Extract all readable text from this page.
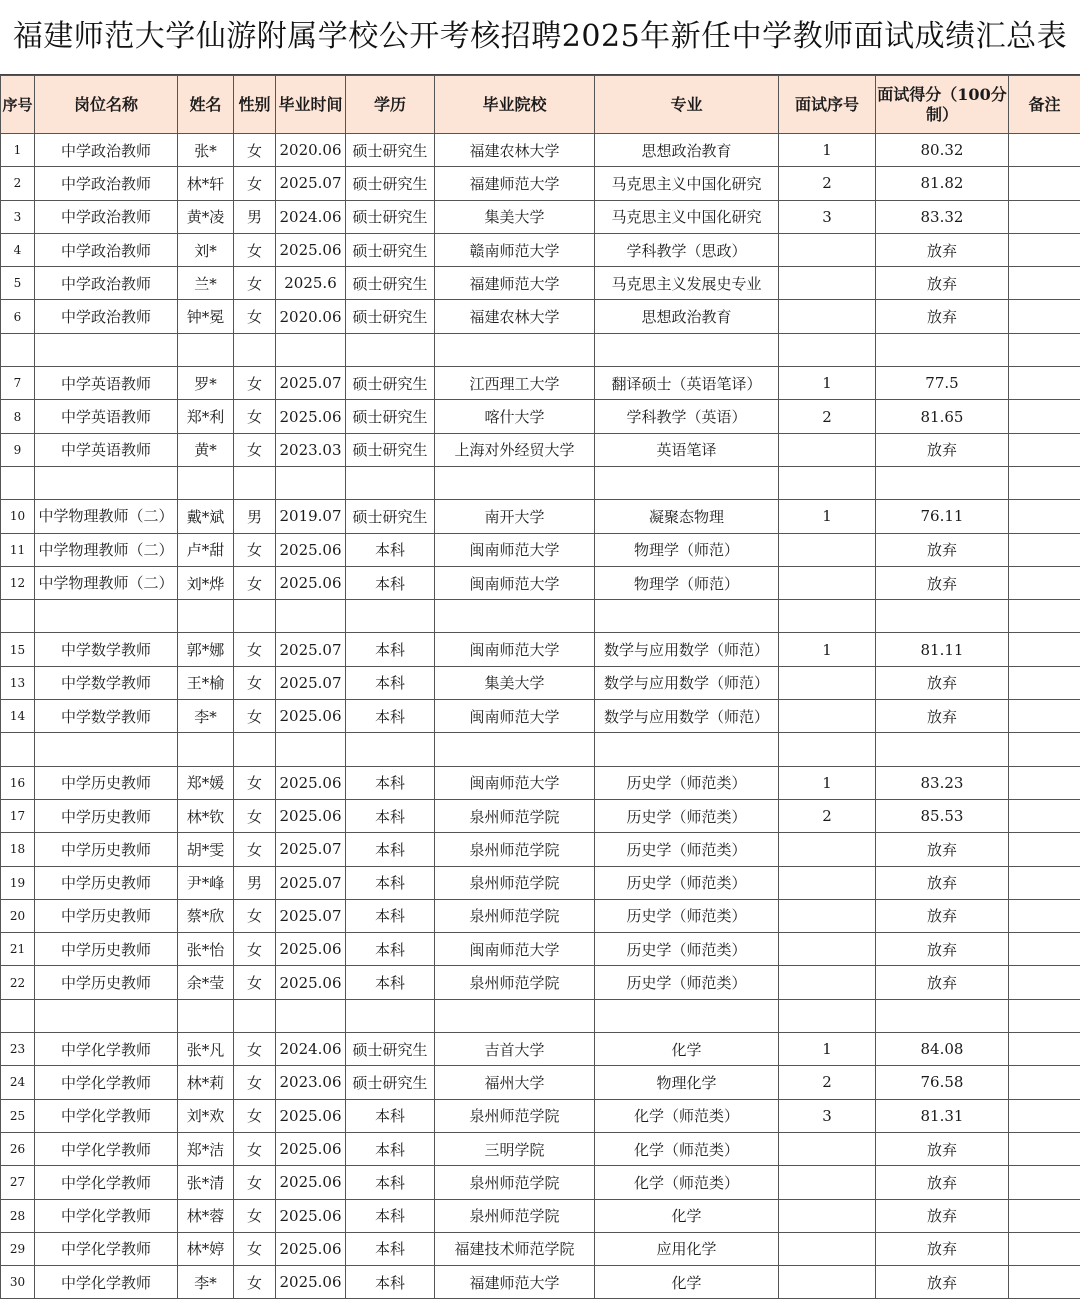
福建师范大学仙游附属学校公开考核招聘2025年新任中学教师面试成绩汇总表
序号	岗位名称	姓名	性别	毕业时间	学历	毕业院校	专业	面试序号	面试得分（100分制）	备注
1	中学政治教师	张*	女	2020.06	硕士研究生	福建农林大学	思想政治教育	1	80.32	
2	中学政治教师	林*轩	女	2025.07	硕士研究生	福建师范大学	马克思主义中国化研究	2	81.82	
3	中学政治教师	黄*凌	男	2024.06	硕士研究生	集美大学	马克思主义中国化研究	3	83.32	
4	中学政治教师	刘*	女	2025.06	硕士研究生	赣南师范大学	学科教学（思政）		放弃	
5	中学政治教师	兰*	女	2025.6	硕士研究生	福建师范大学	马克思主义发展史专业		放弃	
6	中学政治教师	钟*冕	女	2020.06	硕士研究生	福建农林大学	思想政治教育		放弃	

7	中学英语教师	罗*	女	2025.07	硕士研究生	江西理工大学	翻译硕士（英语笔译）	1	77.5	
8	中学英语教师	郑*利	女	2025.06	硕士研究生	喀什大学	学科教学（英语）	2	81.65	
9	中学英语教师	黄*	女	2023.03	硕士研究生	上海对外经贸大学	英语笔译		放弃	

10	中学物理教师（二）	戴*斌	男	2019.07	硕士研究生	南开大学	凝聚态物理	1	76.11	
11	中学物理教师（二）	卢*甜	女	2025.06	本科	闽南师范大学	物理学（师范）		放弃	
12	中学物理教师（二）	刘*烨	女	2025.06	本科	闽南师范大学	物理学（师范）		放弃	

15	中学数学教师	郭*娜	女	2025.07	本科	闽南师范大学	数学与应用数学（师范）	1	81.11	
13	中学数学教师	王*榆	女	2025.07	本科	集美大学	数学与应用数学（师范）		放弃	
14	中学数学教师	李*	女	2025.06	本科	闽南师范大学	数学与应用数学（师范）		放弃	

16	中学历史教师	郑*媛	女	2025.06	本科	闽南师范大学	历史学（师范类）	1	83.23	
17	中学历史教师	林*钦	女	2025.06	本科	泉州师范学院	历史学（师范类）	2	85.53	
18	中学历史教师	胡*雯	女	2025.07	本科	泉州师范学院	历史学（师范类）		放弃	
19	中学历史教师	尹*峰	男	2025.07	本科	泉州师范学院	历史学（师范类）		放弃	
20	中学历史教师	蔡*欣	女	2025.07	本科	泉州师范学院	历史学（师范类）		放弃	
21	中学历史教师	张*怡	女	2025.06	本科	闽南师范大学	历史学（师范类）		放弃	
22	中学历史教师	余*莹	女	2025.06	本科	泉州师范学院	历史学（师范类）		放弃	

23	中学化学教师	张*凡	女	2024.06	硕士研究生	吉首大学	化学	1	84.08	
24	中学化学教师	林*莉	女	2023.06	硕士研究生	福州大学	物理化学	2	76.58	
25	中学化学教师	刘*欢	女	2025.06	本科	泉州师范学院	化学（师范类）	3	81.31	
26	中学化学教师	郑*洁	女	2025.06	本科	三明学院	化学（师范类）		放弃	
27	中学化学教师	张*清	女	2025.06	本科	泉州师范学院	化学（师范类）		放弃	
28	中学化学教师	林*蓉	女	2025.06	本科	泉州师范学院	化学		放弃	
29	中学化学教师	林*婷	女	2025.06	本科	福建技术师范学院	应用化学		放弃	
30	中学化学教师	李*	女	2025.06	本科	福建师范大学	化学		放弃	
